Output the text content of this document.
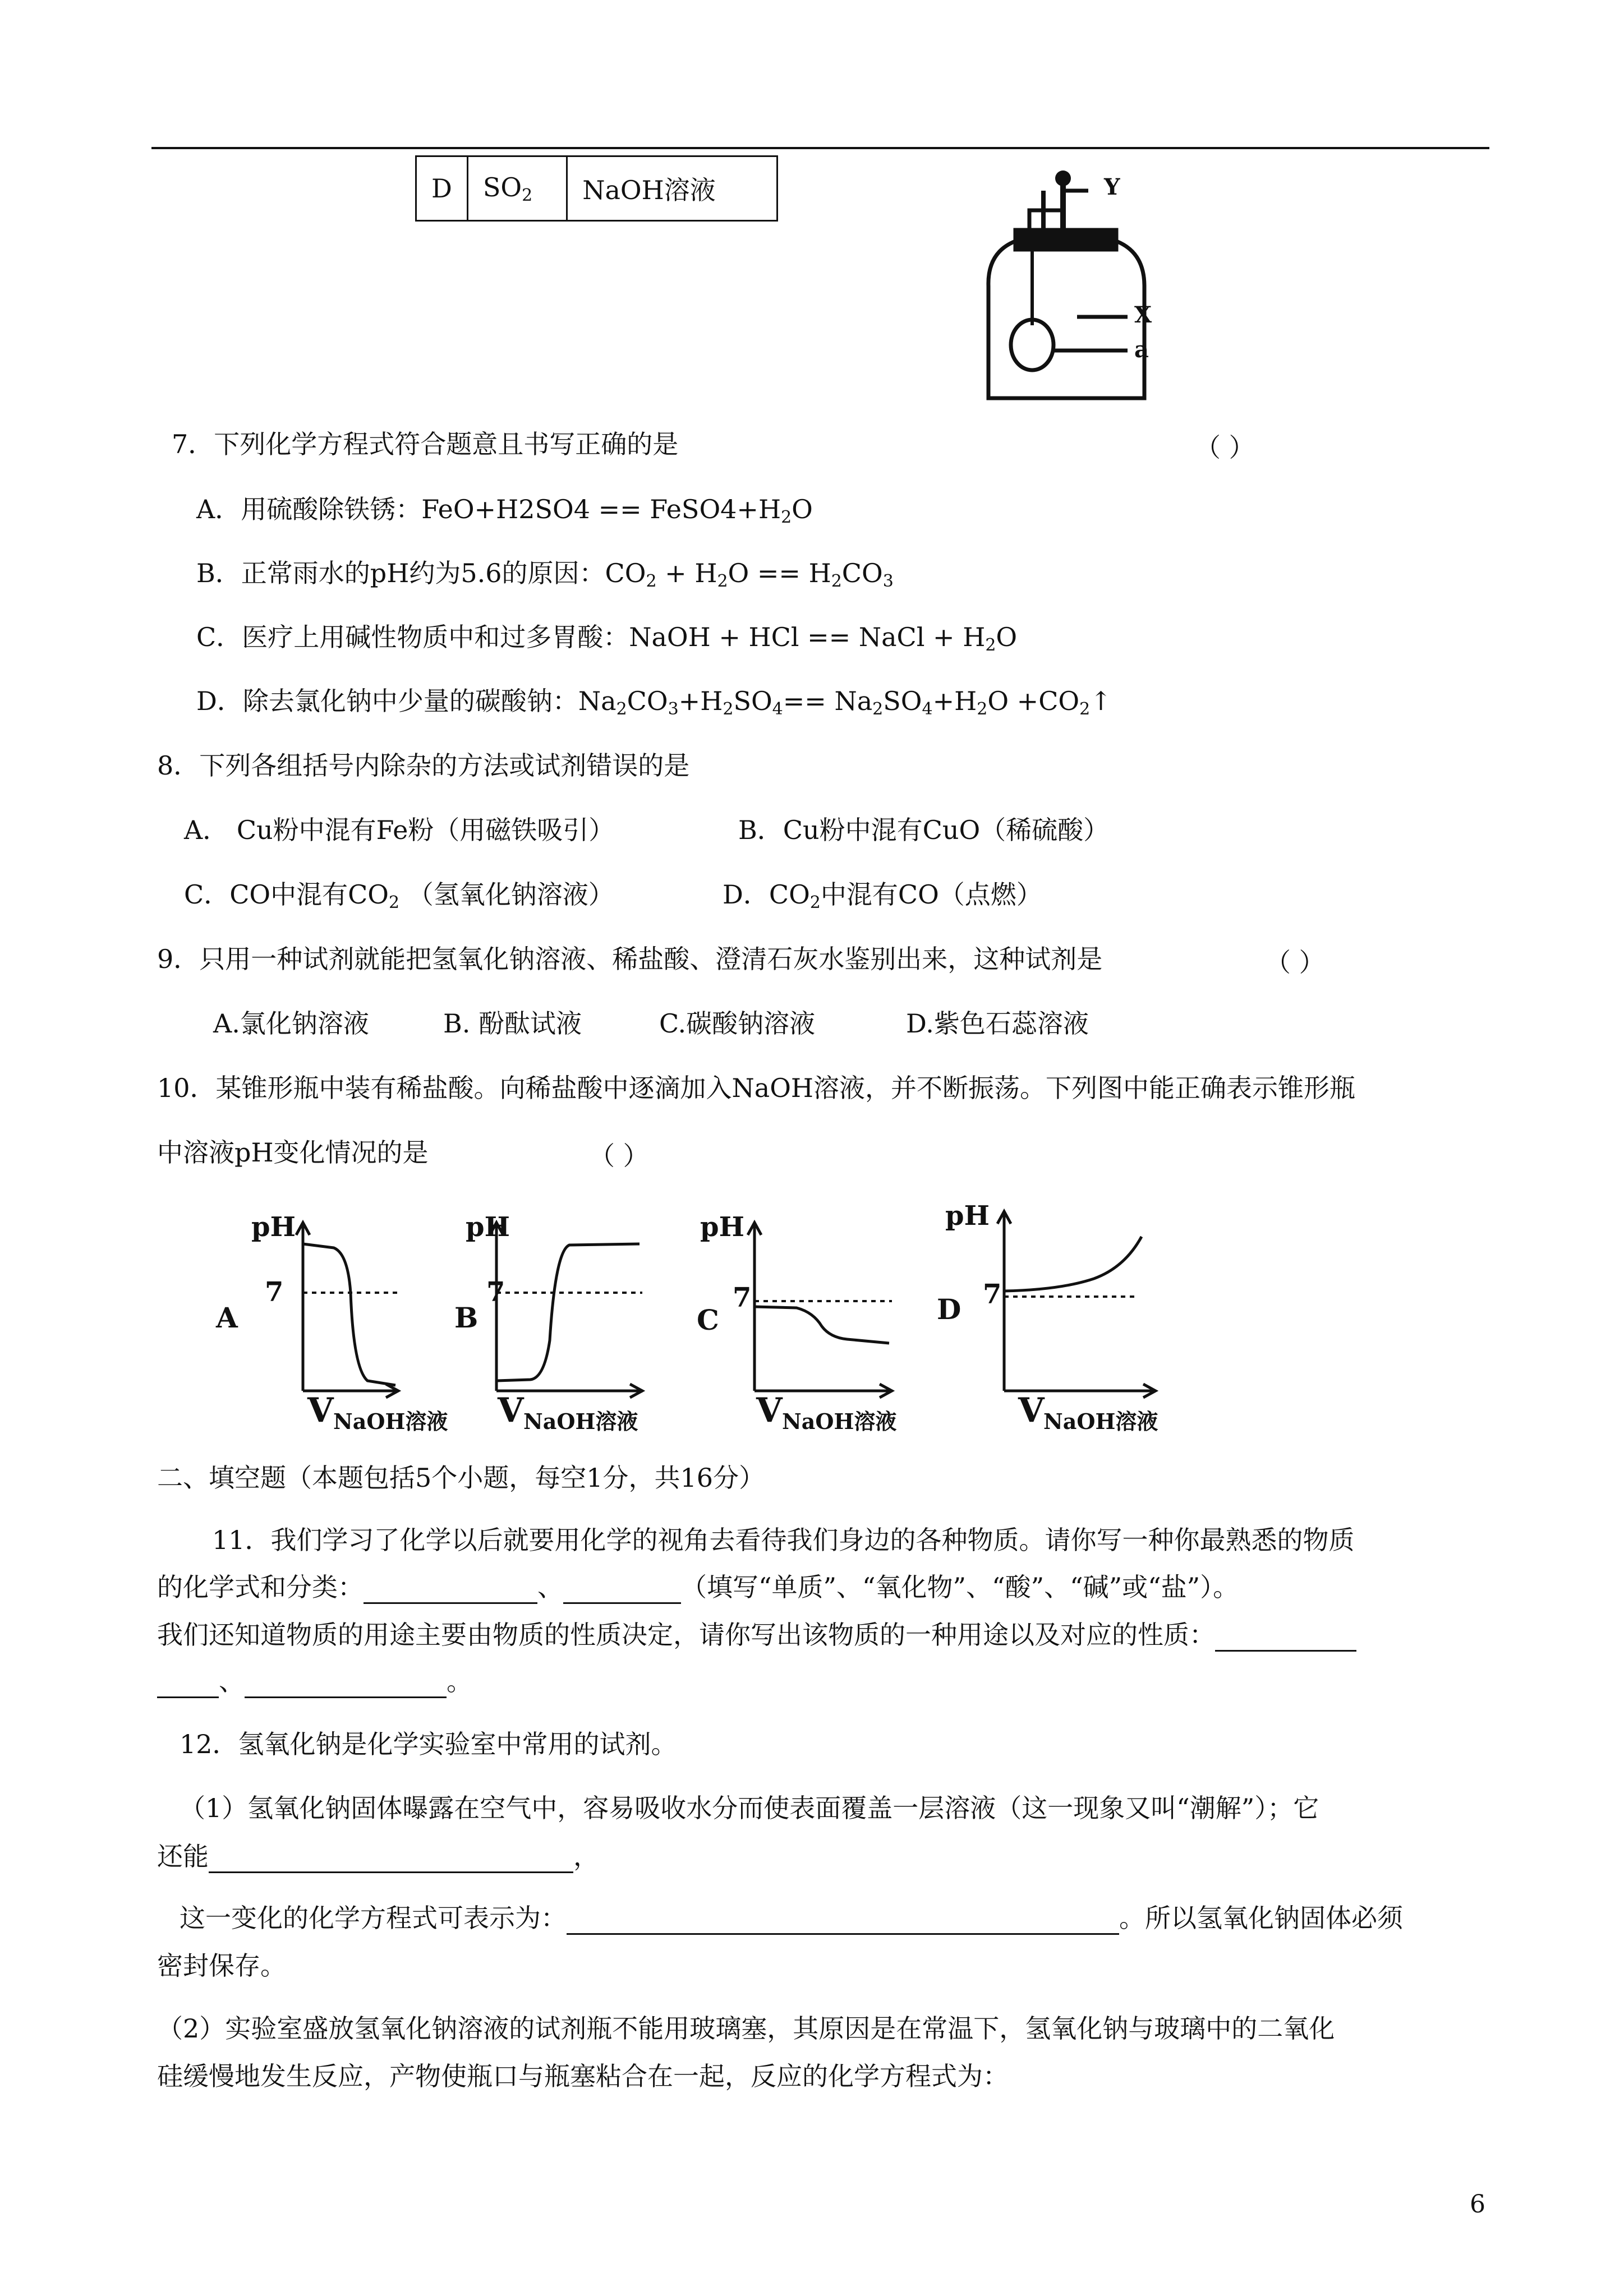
D	$SO_2$	NaOH溶液	Y
X
a
7．下列化学方程式符合题意且书写正确的是	（ ）
A．用硫酸除铁锈：$FeO+H2SO4 == FeSO4+H_2O$
B．正常雨水的pH约为5.6的原因：$CO_2 + H_2O == H_2CO_3$
C．医疗上用碱性物质中和过多胃酸：NaOH + HCl == NaCl + $H_2O$
D．除去氯化钠中少量的碳酸钠：$Na_2CO_3+H_2SO_4== Na_2SO_4+H_2O$ $+CO_2↑$
8．下列各组括号内除杂的方法或试剂错误的是
A． Cu粉中混有Fe粉（用磁铁吸引）	B．Cu粉中混有CuO（稀硫酸）
C．CO中混有$CO_2$ （氢氧化钠溶液）	D．$CO_2$中混有CO（点燃）
9．只用一种试剂就能把氢氧化钠溶液、稀盐酸、澄清石灰水鉴别出来，这种试剂是	（ ）
A.氯化钠溶液	B. 酚酞试液	C.碳酸钠溶液	D.紫色石蕊溶液
10．某锥形瓶中装有稀盐酸。向稀盐酸中逐滴加入NaOH溶液，并不断振荡。下列图中能正确表示锥形瓶
中溶液pH变化情况的是	（ ）
pH
7
A
V NaOH溶液
pH
7
B
V NaOH溶液
pH
7
C
V NaOH溶液
pH
7
D
V
NaOH溶液
二、填空题（本题包括5个小题，每空1分，共16分）
11．我们学习了化学以后就要用化学的视角去看待我们身边的各种物质。请你写一种你最熟悉的物质
的化学式和分类：	、	（填写“单质”、“氧化物”、“酸”、“碱”或“盐”）。
我们还知道物质的用途主要由物质的性质决定，请你写出该物质的一种用途以及对应的性质：
、	。
12．氢氧化钠是化学实验室中常用的试剂。
（1）氢氧化钠固体曝露在空气中，容易吸收水分而使表面覆盖一层溶液（这一现象又叫“潮解”）；它
还能	，
这一变化的化学方程式可表示为：	。所以氢氧化钠固体必须
密封保存。
（2）实验室盛放氢氧化钠溶液的试剂瓶不能用玻璃塞，其原因是在常温下，氢氧化钠与玻璃中的二氧化
硅缓慢地发生反应，产物使瓶口与瓶塞粘合在一起，反应的化学方程式为：
6
